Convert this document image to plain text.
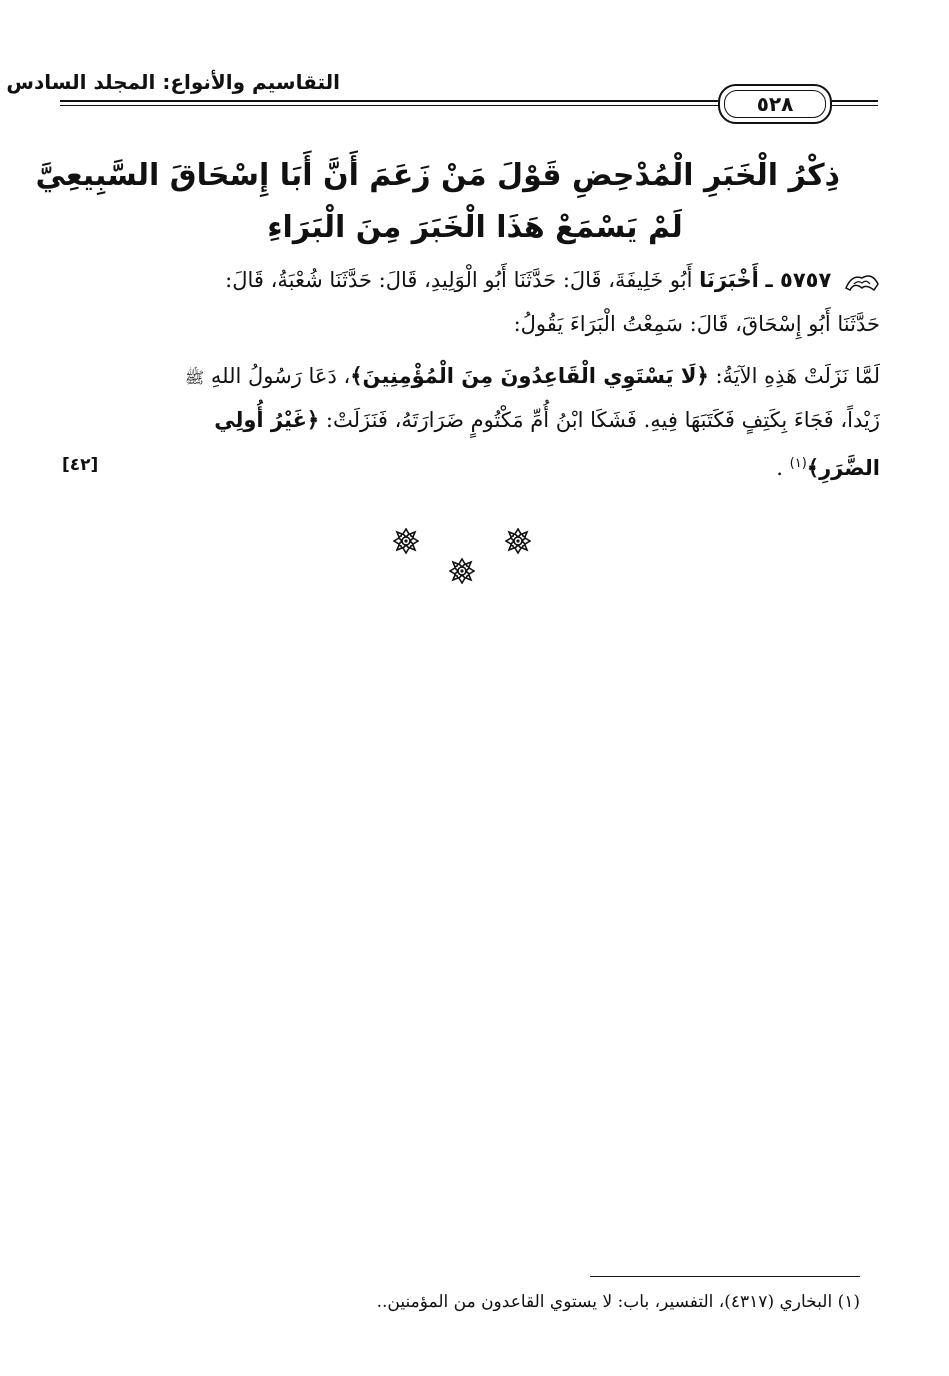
التقاسيم والأنواع: المجلد السادس
٥٢٨
ذِكْرُ الْخَبَرِ الْمُدْحِضِ قَوْلَ مَنْ زَعَمَ أَنَّ أَبَا إِسْحَاقَ السَّبِيعِيَّ
لَمْ يَسْمَعْ هَذَا الْخَبَرَ مِنَ الْبَرَاءِ
٥٧٥٧ ـ أَخْبَرَنَا أَبُو خَلِيفَةَ، قَالَ: حَدَّثَنَا أَبُو الْوَلِيدِ، قَالَ: حَدَّثَنَا شُعْبَةُ، قَالَ:
حَدَّثَنَا أَبُو إِسْحَاقَ، قَالَ: سَمِعْتُ الْبَرَاءَ يَقُولُ:
لَمَّا نَزَلَتْ هَذِهِ الآيَةُ: ﴿لَا يَسْتَوِي الْقَاعِدُونَ مِنَ الْمُؤْمِنِينَ﴾، دَعَا رَسُولُ اللهِ ﷺ
زَيْداً، فَجَاءَ بِكَتِفٍ فَكَتَبَهَا فِيهِ. فَشَكَا ابْنُ أُمِّ مَكْتُومٍ ضَرَارَتَهُ، فَنَزَلَتْ: ﴿غَيْرُ أُولِي
الضَّرَرِ﴾$^{(١)}$ .
[٤٢]
(١) البخاري (٤٣١٧)، التفسير، باب: لا يستوي القاعدون من المؤمنين..
